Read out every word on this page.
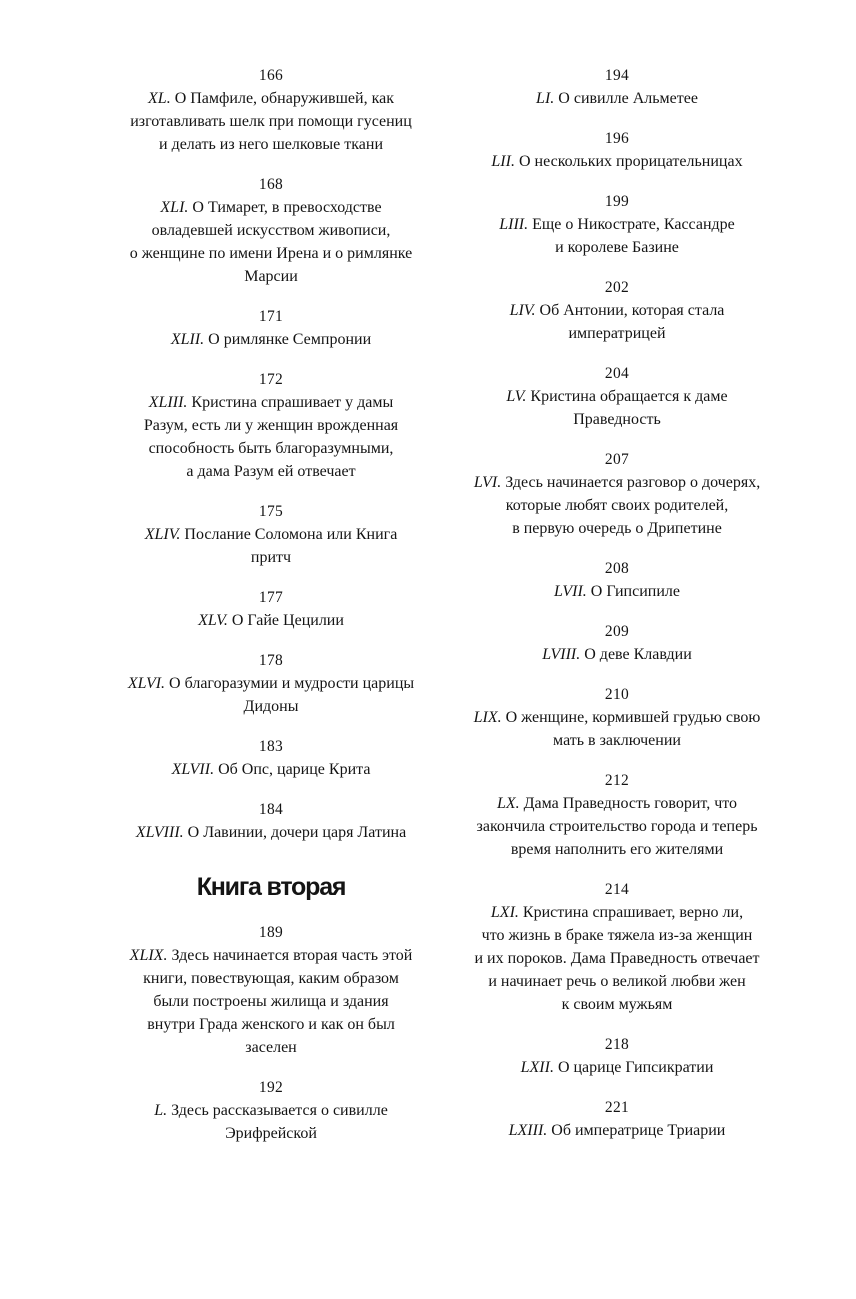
166
XL. О Памфиле, обнаружившей, как
изготавливать шелк при помощи гусениц
и делать из него шелковые ткани
168
XLI. О Тимарет, в превосходстве
овладевшей искусством живописи,
о женщине по имени Ирена и о римлянке
Марсии
171
XLII. О римлянке Семпронии
172
XLIII. Кристина спрашивает у дамы
Разум, есть ли у женщин врожденная
способность быть благоразумными,
а дама Разум ей отвечает
175
XLIV. Послание Соломона или Книга
притч
177
XLV. О Гайе Цецилии
178
XLVI. О благоразумии и мудрости царицы
Дидоны
183
XLVII. Об Опс, царице Крита
184
XLVIII. О Лавинии, дочери царя Латина
Книга вторая
189
XLIX. Здесь начинается вторая часть этой
книги, повествующая, каким образом
были построены жилища и здания
внутри Града женского и как он был
заселен
192
L. Здесь рассказывается о сивилле
Эрифрейской
194
LI. О сивилле Альметее
196
LII. О нескольких прорицательницах
199
LIII. Еще о Никострате, Кассандре
и королеве Базине
202
LIV. Об Антонии, которая стала
императрицей
204
LV. Кристина обращается к даме
Праведность
207
LVI. Здесь начинается разговор о дочерях,
которые любят своих родителей,
в первую очередь о Дрипетине
208
LVII. О Гипсипиле
209
LVIII. О деве Клавдии
210
LIX. О женщине, кормившей грудью свою
мать в заключении
212
LX. Дама Праведность говорит, что
закончила строительство города и теперь
время наполнить его жителями
214
LXI. Кристина спрашивает, верно ли,
что жизнь в браке тяжела из-за женщин
и их пороков. Дама Праведность отвечает
и начинает речь о великой любви жен
к своим мужьям
218
LXII. О царице Гипсикратии
221
LXIII. Об императрице Триарии
